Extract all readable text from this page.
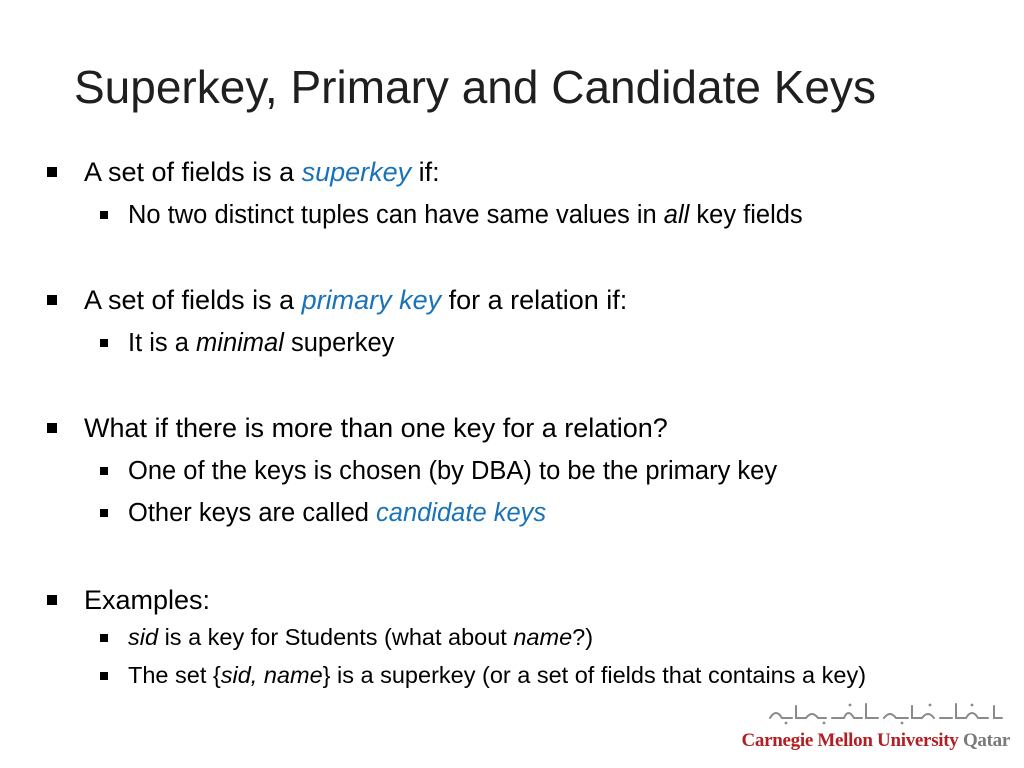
Superkey, Primary and Candidate Keys
A set of fields is a superkey if:
No two distinct tuples can have same values in all key fields
A set of fields is a primary key for a relation if:
It is a minimal superkey
What if there is more than one key for a relation?
One of the keys is chosen (by DBA) to be the primary key
Other keys are called candidate keys
Examples:
sid is a key for Students (what about name?)
The set {sid, name} is a superkey (or a set of fields that contains a key)
Carnegie Mellon University Qatar
